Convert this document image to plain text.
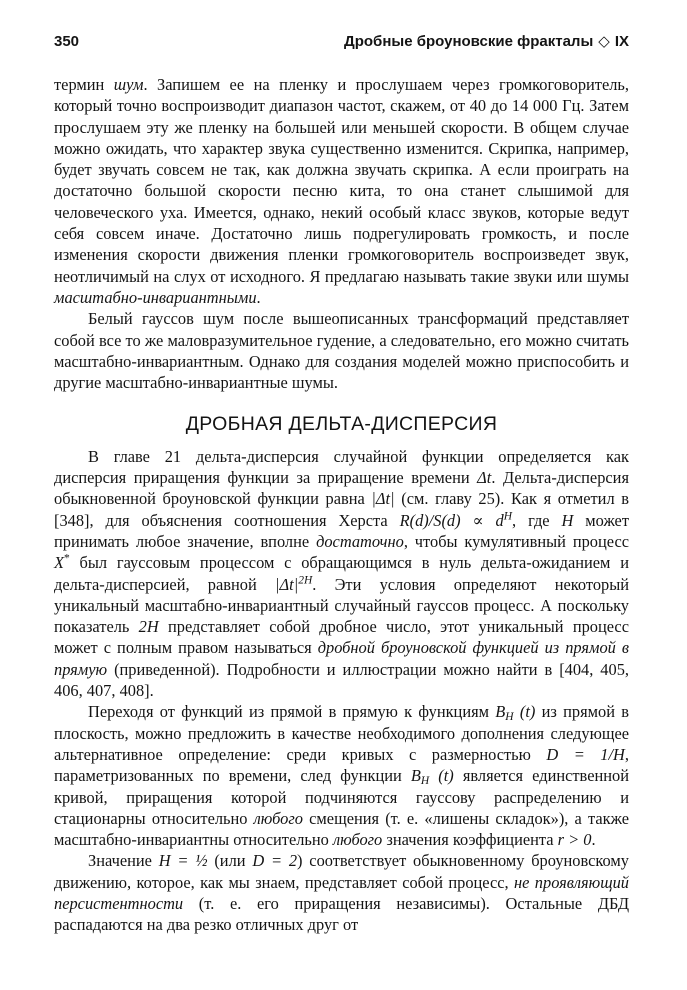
350	Дробные броуновские фракталы ◇ IX

термин шум. Запишем ее на пленку и прослушаем через громкоговоритель, который точно воспроизводит диапазон частот, скажем, от 40 до 14 000 Гц. Затем прослушаем эту же пленку на большей или меньшей скорости. В общем случае можно ожидать, что характер звука существенно изменится. Скрипка, например, будет звучать совсем не так, как должна звучать скрипка. А если проиграть на достаточно большой скорости песню кита, то она станет слышимой для человеческого уха. Имеется, однако, некий особый класс звуков, которые ведут себя совсем иначе. Достаточно лишь подрегулировать громкость, и после изменения скорости движения пленки громкоговоритель воспроизведет звук, неотличимый на слух от исходного. Я предлагаю называть такие звуки или шумы масштабно-инвариантными.

Белый гауссов шум после вышеописанных трансформаций представляет собой все то же маловразумительное гудение, а следовательно, его можно считать масштабно-инвариантным. Однако для создания моделей можно приспособить и другие масштабно-инвариантные шумы.

ДРОБНАЯ ДЕЛЬТА-ДИСПЕРСИЯ

В главе 21 дельта-дисперсия случайной функции определяется как дисперсия приращения функции за приращение времени Δt. Дельта-дисперсия обыкновенной броуновской функции равна |Δt| (см. главу 25). Как я отметил в [348], для объяснения соотношения Херста $R(d)/S(d) \propto d^H$, где H может принимать любое значение, вполне достаточно, чтобы кумулятивный процесс X* был гауссовым процессом с обращающимся в нуль дельта-ожиданием и дельта-дисперсией, равной $|\Delta t|^{2H}$. Эти условия определяют некоторый уникальный масштабно-инвариантный случайный гауссов процесс. А поскольку показатель 2H представляет собой дробное число, этот уникальный процесс может с полным правом называться дробной броуновской функцией из прямой в прямую (приведенной). Подробности и иллюстрации можно найти в [404, 405, 406, 407, 408].

Переходя от функций из прямой в прямую к функциям $B_H$ (t) из прямой в плоскость, можно предложить в качестве необходимого дополнения следующее альтернативное определение: среди кривых с размерностью D = 1/H, параметризованных по времени, след функции $B_H$ (t) является единственной кривой, приращения которой подчиняются гауссову распределению и стационарны относительно любого смещения (т. е. «лишены складок»), а также масштабно-инвариантны относительно любого значения коэффициента r > 0.

Значение H = ½ (или D = 2) соответствует обыкновенному броуновскому движению, которое, как мы знаем, представляет собой процесс, не проявляющий персистентности (т. е. его приращения независимы). Остальные ДБД распадаются на два резко отличных друг от
